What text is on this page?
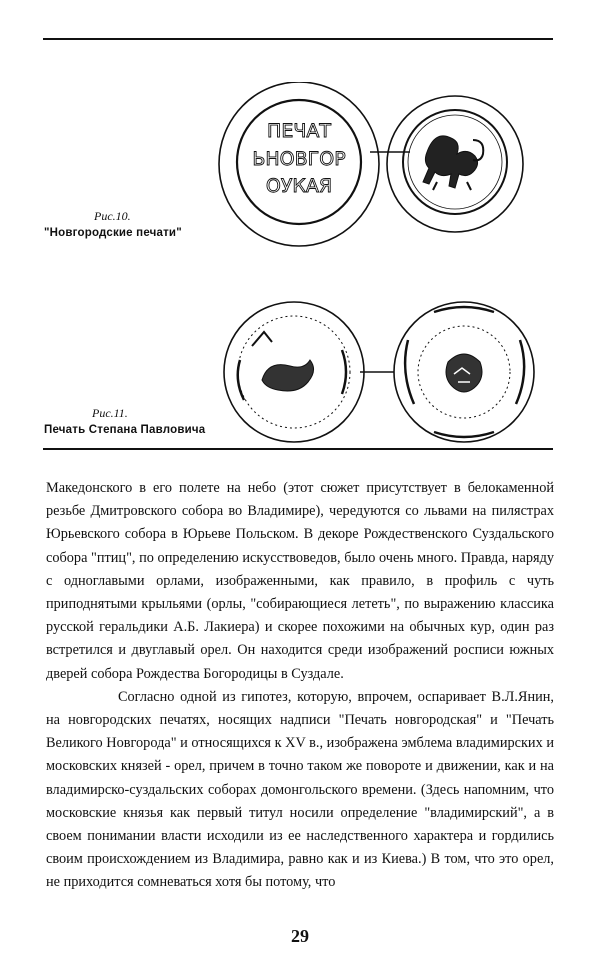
ПЕЧАТ
ЬНОВГОР
ОУКАЯ
Рис.10.
"Новгородские печати"
Рис.11.
Печать Степана Павловича

Македонского в его полете на небо (этот сюжет присутствует в белокаменной резьбе Дмитровского собора во Владимире), чередуются со львами на пилястрах Юрьевского собора в Юрьеве Польском. В декоре Рождественского Суздальского собора "птиц", по определению искусствоведов, было очень много. Правда, наряду с одноглавыми орлами, изображенными, как правило, в профиль с чуть приподнятыми крыльями (орлы, "собирающиеся лететь", по выражению классика русской геральдики А.Б. Лакиера) и скорее похожими на обычных кур, один раз встретился и двуглавый орел. Он находится среди изображений росписи южных дверей собора Рождества Богородицы в Суздале.

Согласно одной из гипотез, которую, впрочем, оспаривает В.Л.Янин, на новгородских печатях, носящих надписи "Печать новгородская" и "Печать Великого Новгорода" и относящихся к XV в., изображена эмблема владимирских и московских князей - орел, причем в точно таком же повороте и движении, как и на владимирско-суздальских соборах домонгольского времени. (Здесь напомним, что московские князья как первый титул носили определение "владимирский", а в своем понимании власти исходили из ее наследственного характера и гордились своим происхождением из Владимира, равно как и из Киева.) В том, что это орел, не приходится сомневаться хотя бы потому, что

29
